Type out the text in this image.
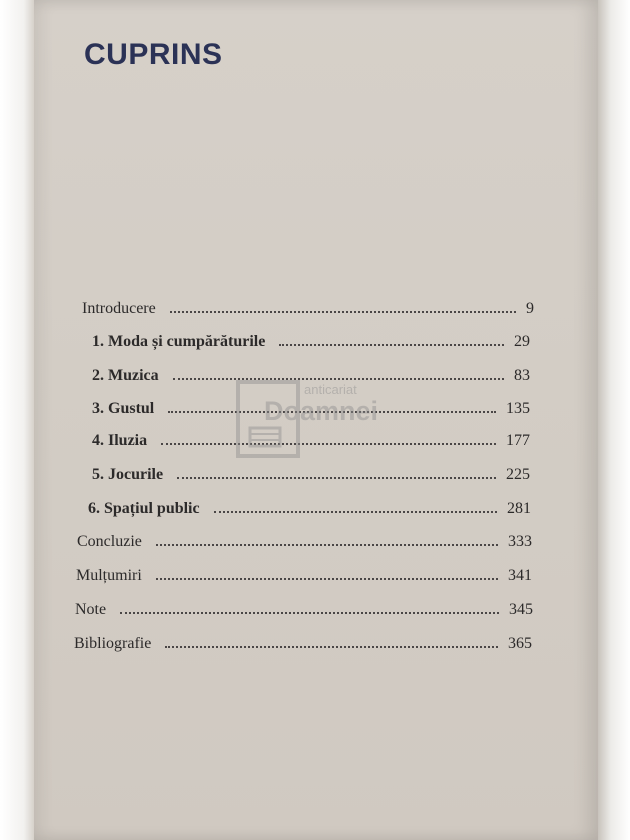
CUPRINS
Introducere	9
1. Moda și cumpărăturile	29
2. Muzica	83
3. Gustul	135
4. Iluzia	177
5. Jocurile	225
6. Spațiul public	281
Concluzie	333
Mulțumiri	341
Note	345
Bibliografie	365
anticariat
Doamnei
